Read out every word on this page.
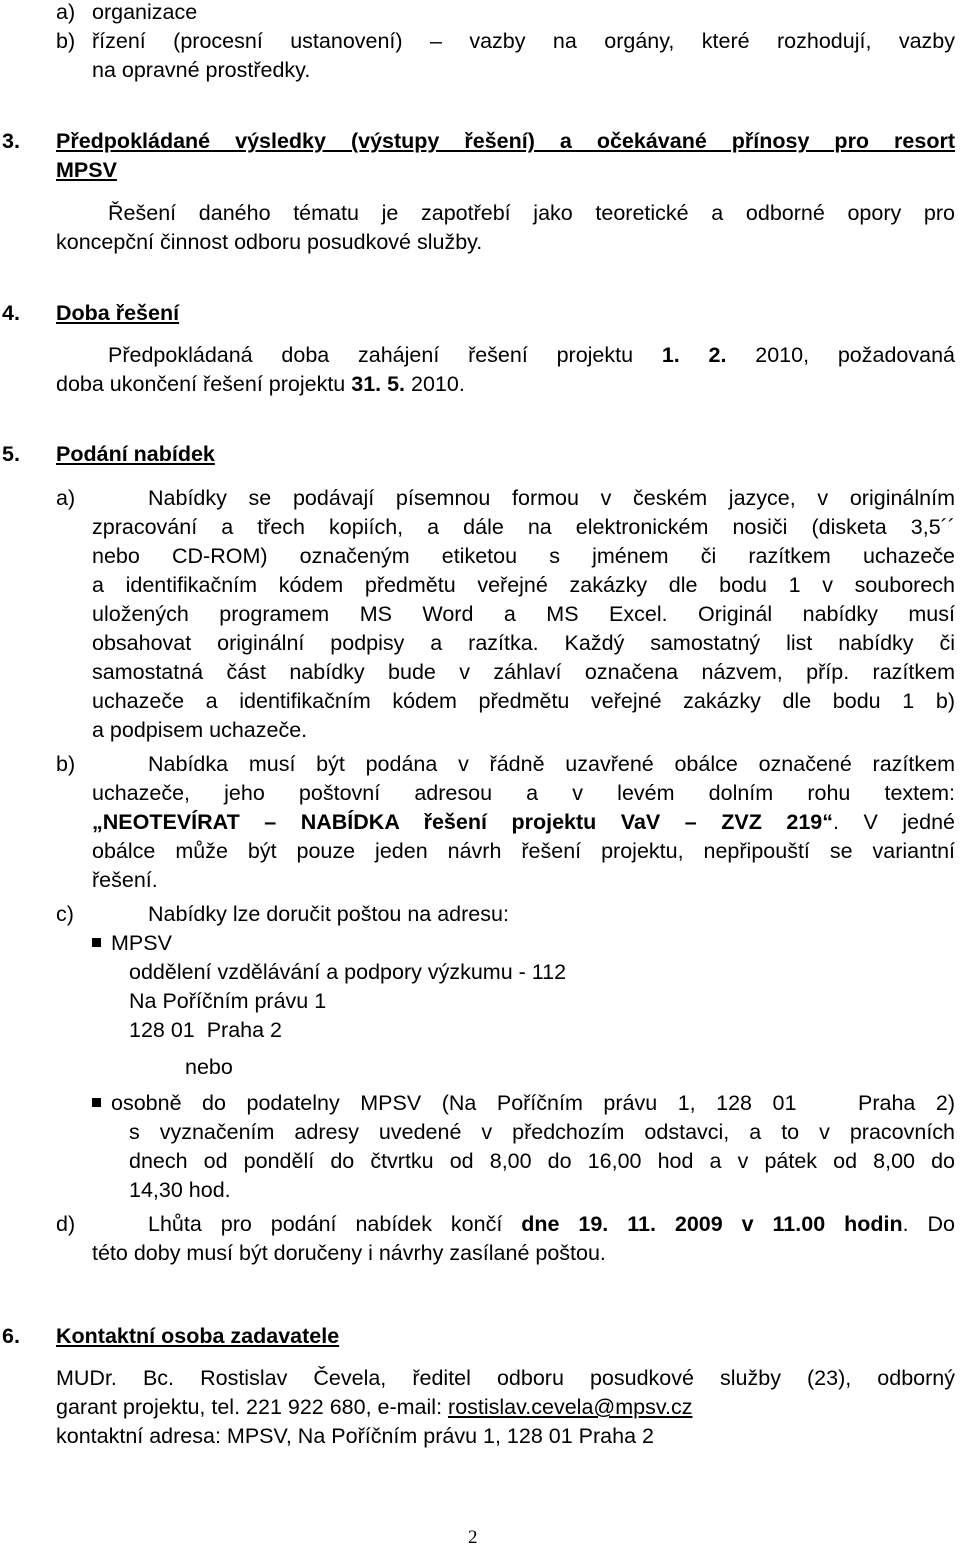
a) organizace
b) řízení (procesní ustanovení) – vazby na orgány, které rozhodují, vazby
na opravné prostředky.
3. Předpokládané výsledky (výstupy řešení) a očekávané přínosy pro resort
MPSV
Řešení daného tématu je zapotřebí jako teoretické a odborné opory pro
koncepční činnost odboru posudkové služby.
4. Doba řešení
Předpokládaná doba zahájení řešení projektu 1. 2. 2010, požadovaná
doba ukončení řešení projektu 31. 5. 2010.
5. Podání nabídek
a)	Nabídky se podávají písemnou formou v českém jazyce, v originálním
zpracování a třech kopiích, a dále na elektronickém nosiči (disketa 3,5´´
nebo CD-ROM) označeným etiketou s jménem či razítkem uchazeče
a identifikačním kódem předmětu veřejné zakázky dle bodu 1 v souborech
uložených programem MS Word a MS Excel. Originál nabídky musí
obsahovat originální podpisy a razítka. Každý samostatný list nabídky či
samostatná část nabídky bude v záhlaví označena názvem, příp. razítkem
uchazeče a identifikačním kódem předmětu veřejné zakázky dle bodu 1 b)
a podpisem uchazeče.
b)	Nabídka musí být podána v řádně uzavřené obálce označené razítkem
uchazeče, jeho poštovní adresou a v levém dolním rohu textem:
„NEOTEVÍRAT – NABÍDKA řešení projektu VaV – ZVZ 219“. V jedné
obálce může být pouze jeden návrh řešení projektu, nepřipouští se variantní
řešení.
c)	Nabídky lze doručit poštou na adresu:
MPSV
oddělení vzdělávání a podpory výzkumu - 112
Na Poříčním právu 1
128 01  Praha 2
nebo
osobně do podatelny MPSV (Na Poříčním právu 1, 128 01   Praha 2)
s vyznačením adresy uvedené v předchozím odstavci, a to v pracovních
dnech od pondělí do čtvrtku od 8,00 do 16,00 hod a v pátek od 8,00 do
14,30 hod.
d)	Lhůta pro podání nabídek končí dne 19. 11. 2009 v 11.00 hodin. Do
této doby musí být doručeny i návrhy zasílané poštou.
6. Kontaktní osoba zadavatele
MUDr. Bc. Rostislav Čevela, ředitel odboru posudkové služby (23), odborný
garant projektu, tel. 221 922 680, e-mail: rostislav.cevela@mpsv.cz
kontaktní adresa: MPSV, Na Poříčním právu 1, 128 01 Praha 2
2
